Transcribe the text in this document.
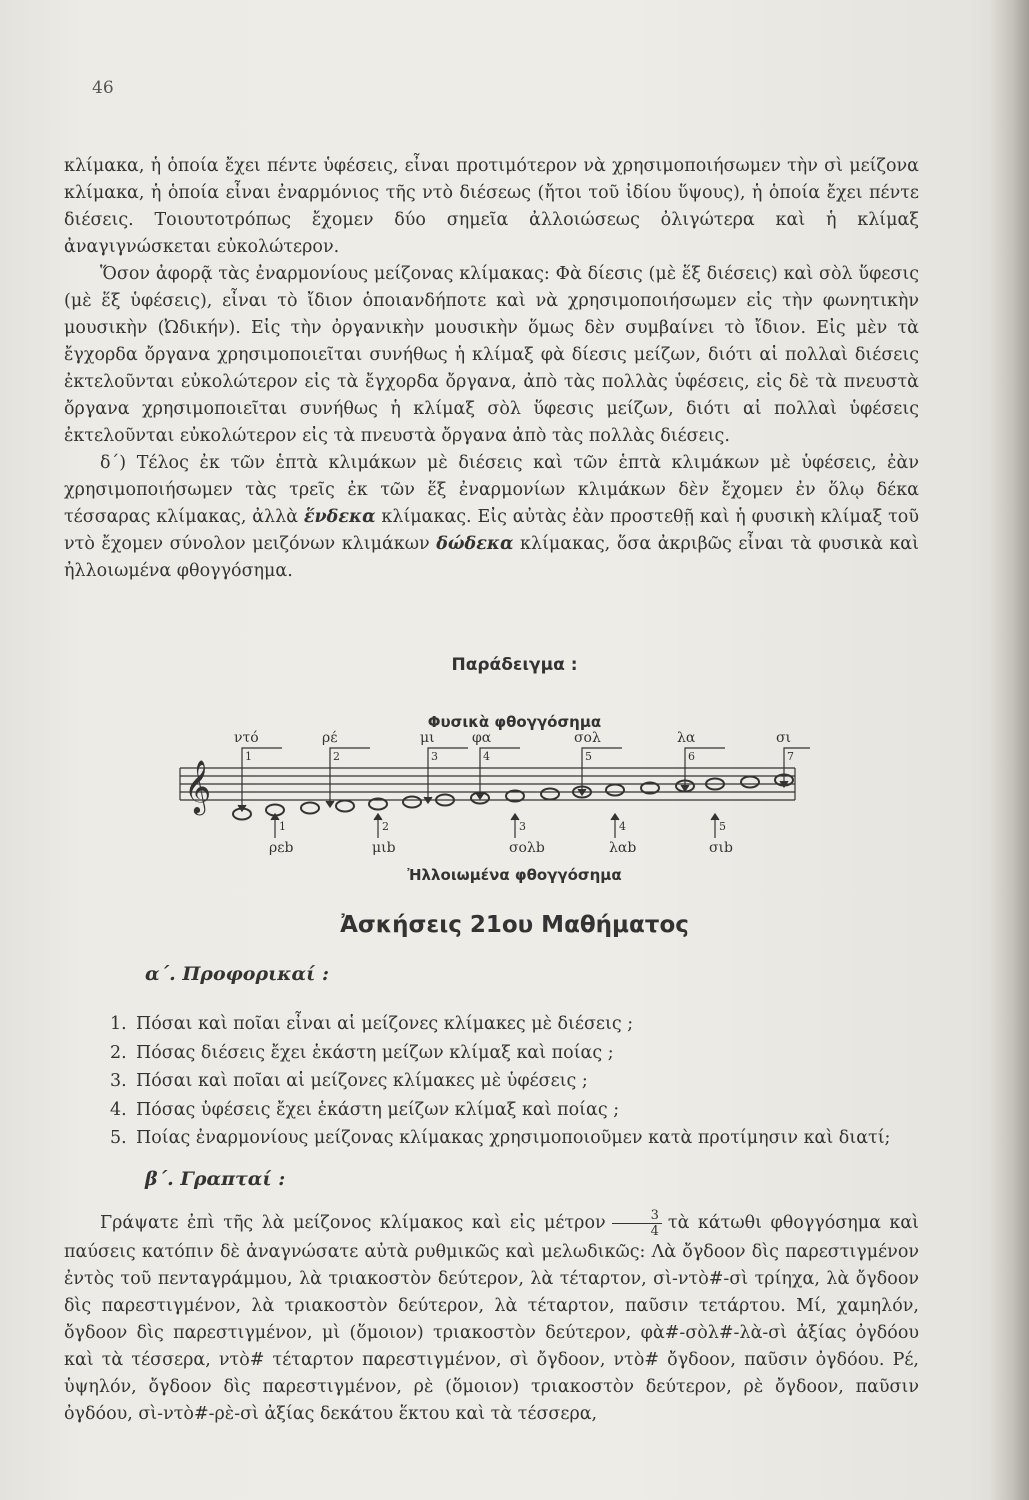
46

κλίμακα, ἡ ὁποία ἔχει πέντε ὑφέσεις, εἶναι προτιμότερον νὰ χρησιμοποιήσωμεν τὴν σὶ μείζονα κλίμακα, ἡ ὁποία εἶναι ἐναρμόνιος τῆς ντὸ διέσεως (ἤτοι τοῦ ἰδίου ὕψους), ἡ ὁποία ἔχει πέντε διέσεις. Τοιουτοτρόπως ἔχομεν δύο σημεῖα ἀλλοιώσεως ὀλιγώτερα καὶ ἡ κλίμαξ ἀναγιγνώσκεται εὐκολώτερον.

Ὅσον ἀφορᾷ τὰς ἐναρμονίους μείζονας κλίμακας: Φὰ δίεσις (μὲ ἕξ διέσεις) καὶ σὸλ ὕφεσις (μὲ ἕξ ὑφέσεις), εἶναι τὸ ἴδιον ὁποιανδήποτε καὶ νὰ χρησιμοποιήσωμεν εἰς τὴν φωνητικὴν μουσικὴν (Ὠδικήν). Εἰς τὴν ὀργανικὴν μουσικὴν ὅμως δὲν συμβαίνει τὸ ἴδιον. Εἰς μὲν τὰ ἔγχορδα ὄργανα χρησιμοποιεῖται συνήθως ἡ κλίμαξ φὰ δίεσις μείζων, διότι αἱ πολλαὶ διέσεις ἐκτελοῦνται εὐκολώτερον εἰς τὰ ἔγχορδα ὄργανα, ἀπὸ τὰς πολλὰς ὑφέσεις, εἰς δὲ τὰ πνευστὰ ὄργανα χρησιμοποιεῖται συνήθως ἡ κλίμαξ σὸλ ὕφεσις μείζων, διότι αἱ πολλαὶ ὑφέσεις ἐκτελοῦνται εὐκολώτερον εἰς τὰ πνευστὰ ὄργανα ἀπὸ τὰς πολλὰς διέσεις.

δ΄) Τέλος ἐκ τῶν ἑπτὰ κλιμάκων μὲ διέσεις καὶ τῶν ἑπτὰ κλιμάκων μὲ ὑφέσεις, ἐὰν χρησιμοποιήσωμεν τὰς τρεῖς ἐκ τῶν ἕξ ἐναρμονίων κλιμάκων δὲν ἔχομεν ἐν ὅλῳ δέκα τέσσαρας κλίμακας, ἀλλὰ ἕνδεκα κλίμακας. Εἰς αὐτὰς ἐὰν προστεθῇ καὶ ἡ φυσικὴ κλίμαξ τοῦ ντὸ ἔχομεν σύνολον μειζόνων κλιμάκων δώδεκα κλίμακας, ὅσα ἀκριβῶς εἶναι τὰ φυσικὰ καὶ ἠλλοιωμένα φθογγόσημα.

Παράδειγμα :
Φυσικὰ φθογγόσημα
𝄞
ντό
1
ρέ
2
μι
3
φα
4
σολ
5
λα
6
σι
7
1
ρεb
2
μιb
3
σολb
4
λαb
5
σιb
Ἠλλοιωμένα φθογγόσημα
Ἀσκήσεις 21ου Μαθήματος
α΄. Προφορικαί :
1. Πόσαι καὶ ποῖαι εἶναι αἱ μείζονες κλίμακες μὲ διέσεις ;
2. Πόσας διέσεις ἔχει ἑκάστη μείζων κλίμαξ καὶ ποίας ;
3. Πόσαι καὶ ποῖαι αἱ μείζονες κλίμακες μὲ ὑφέσεις ;
4. Πόσας ὑφέσεις ἔχει ἑκάστη μείζων κλίμαξ καὶ ποίας ;
5. Ποίας ἐναρμονίους μείζονας κλίμακας χρησιμοποιοῦμεν κατὰ προτίμησιν καὶ διατί;
β΄. Γραπταί :

Γράψατε ἐπὶ τῆς λὰ μείζονος κλίμακος καὶ εἰς μέτρον $\frac{3}{4}$ τὰ κάτωθι φθογγόσημα καὶ παύσεις κατόπιν δὲ ἀναγνώσατε αὐτὰ ρυθμικῶς καὶ μελωδικῶς: Λὰ ὄγδοον δὶς παρεστιγμένον ἐντὸς τοῦ πενταγράμμου, λὰ τριακοστὸν δεύτερον, λὰ τέταρτον, σὶ-ντὸ#-σὶ τρίηχα, λὰ ὄγδοον δὶς παρεστιγμένον, λὰ τριακοστὸν δεύτερον, λὰ τέταρτον, παῦσιν τετάρτου. Μί, χαμηλόν, ὄγδοον δὶς παρεστιγμένον, μὶ (ὅμοιον) τριακοστὸν δεύτερον, φὰ#-σὸλ#-λὰ-σὶ ἀξίας ὀγδόου καὶ τὰ τέσσερα, ντὸ# τέταρτον παρεστιγμένον, σὶ ὄγδοον, ντὸ# ὄγδοον, παῦσιν ὀγδόου. Ρέ, ὑψηλόν, ὄγδοον δὶς παρεστιγμένον, ρὲ (ὅμοιον) τριακοστὸν δεύτερον, ρὲ ὄγδοον, παῦσιν ὀγδόου, σὶ-ντὸ#-ρὲ-σὶ ἀξίας δεκάτου ἕκτου καὶ τὰ τέσσερα,
